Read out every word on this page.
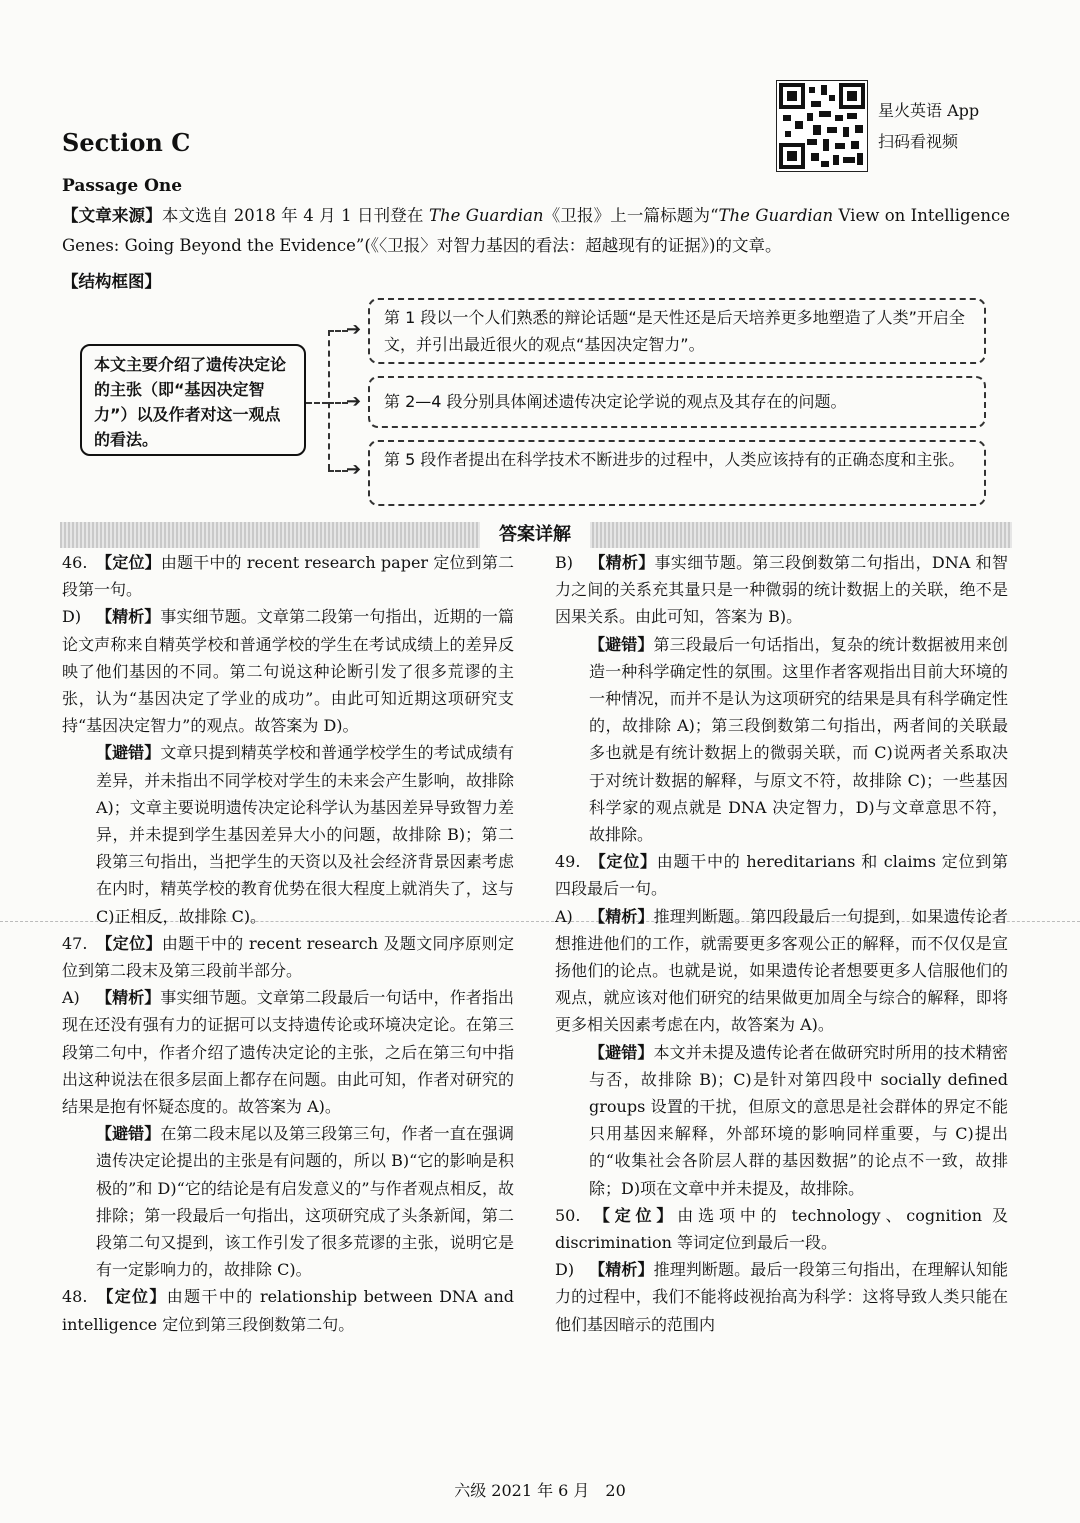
星火英语 App
扫码看视频
Section C
Passage One
【文章来源】本文选自 2018 年 4 月 1 日刊登在 The Guardian《卫报》上一篇标题为“The Guardian View on Intelligence Genes: Going Beyond the Evidence”(《〈卫报〉对智力基因的看法：超越现有的证据》)的文章。
【结构框图】
本文主要介绍了遗传决定论的主张（即“基因决定智力”）以及作者对这一观点的看法。
➔
第 1 段以一个人们熟悉的辩论话题“是天性还是后天培养更多地塑造了人类”开启全文，并引出最近很火的观点“基因决定智力”。
➔	第 2—4 段分别具体阐述遗传决定论学说的观点及其存在的问题。
➔	第 5 段作者提出在科学技术不断进步的过程中，人类应该持有的正确态度和主张。
答案详解

46. 【定位】由题干中的 recent research paper 定位到第二段第一句。

D) 【精析】事实细节题。文章第二段第一句指出，近期的一篇论文声称来自精英学校和普通学校的学生在考试成绩上的差异反映了他们基因的不同。第二句说这种论断引发了很多荒谬的主张，认为“基因决定了学业的成功”。由此可知近期这项研究支持“基因决定智力”的观点。故答案为 D)。

【避错】文章只提到精英学校和普通学校学生的考试成绩有差异，并未指出不同学校对学生的未来会产生影响，故排除 A)；文章主要说明遗传决定论科学认为基因差异导致智力差异，并未提到学生基因差异大小的问题，故排除 B)；第二段第三句指出，当把学生的天资以及社会经济背景因素考虑在内时，精英学校的教育优势在很大程度上就消失了，这与 C)正相反，故排除 C)。

47. 【定位】由题干中的 recent research 及题文同序原则定位到第二段末及第三段前半部分。

A) 【精析】事实细节题。文章第二段最后一句话中，作者指出现在还没有强有力的证据可以支持遗传论或环境决定论。在第三段第二句中，作者介绍了遗传决定论的主张，之后在第三句中指出这种说法在很多层面上都存在问题。由此可知，作者对研究的结果是抱有怀疑态度的。故答案为 A)。

【避错】在第二段末尾以及第三段第三句，作者一直在强调遗传决定论提出的主张是有问题的，所以 B)“它的影响是积极的”和 D)“它的结论是有启发意义的”与作者观点相反，故排除；第一段最后一句指出，这项研究成了头条新闻，第二段第二句又提到，该工作引发了很多荒谬的主张，说明它是有一定影响力的，故排除 C)。

48. 【定位】由题干中的 relationship between DNA and intelligence 定位到第三段倒数第二句。

B) 【精析】事实细节题。第三段倒数第二句指出，DNA 和智力之间的关系充其量只是一种微弱的统计数据上的关联，绝不是因果关系。由此可知，答案为 B)。

【避错】第三段最后一句话指出，复杂的统计数据被用来创造一种科学确定性的氛围。这里作者客观指出目前大环境的一种情况，而并不是认为这项研究的结果是具有科学确定性的，故排除 A)；第三段倒数第二句指出，两者间的关联最多也就是有统计数据上的微弱关联，而 C)说两者关系取决于对统计数据的解释，与原文不符，故排除 C)；一些基因科学家的观点就是 DNA 决定智力，D)与文章意思不符，故排除。

49. 【定位】由题干中的 hereditarians 和 claims 定位到第四段最后一句。

A) 【精析】推理判断题。第四段最后一句提到，如果遗传论者想推进他们的工作，就需要更多客观公正的解释，而不仅仅是宣扬他们的论点。也就是说，如果遗传论者想要更多人信服他们的观点，就应该对他们研究的结果做更加周全与综合的解释，即将更多相关因素考虑在内，故答案为 A)。

【避错】本文并未提及遗传论者在做研究时所用的技术精密与否，故排除 B)；C)是针对第四段中 socially defined groups 设置的干扰，但原文的意思是社会群体的界定不能只用基因来解释，外部环境的影响同样重要，与 C)提出的“收集社会各阶层人群的基因数据”的论点不一致，故排除；D)项在文章中并未提及，故排除。

50. 【定位】由选项中的 technology、cognition 及 discrimination 等词定位到最后一段。

D) 【精析】推理判断题。最后一段第三句指出，在理解认知能力的过程中，我们不能将歧视抬高为科学：这将导致人类只能在他们基因暗示的范围内

六级 2021 年 6 月　20
